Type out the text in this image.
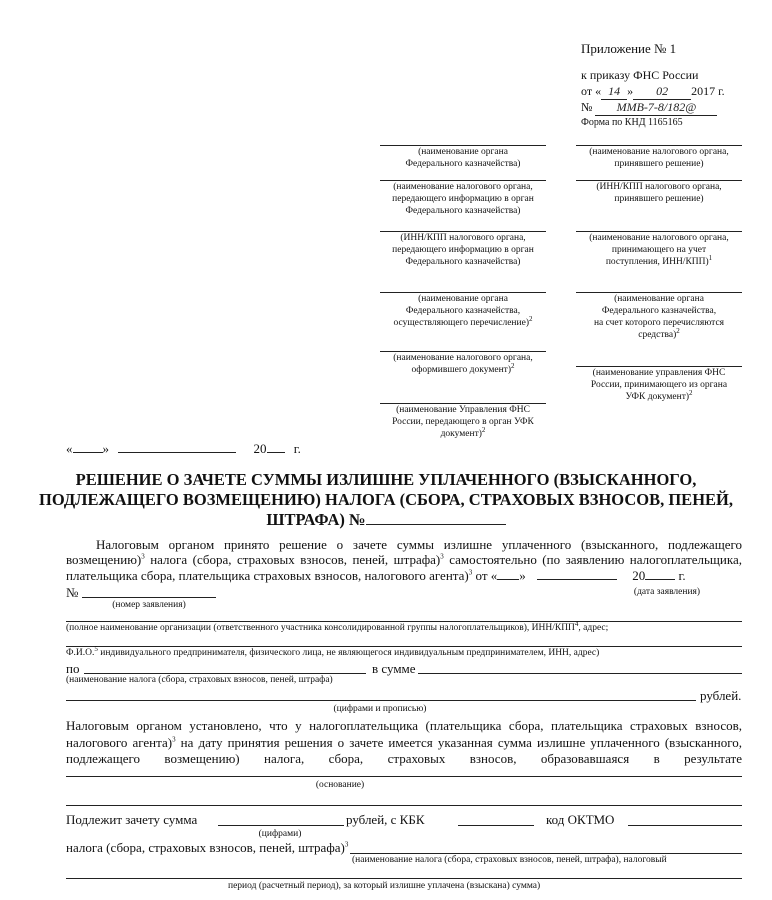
Приложение № 1
к приказу ФНС России
от « 14 » 02 2017 г.
№ ММВ-7-8/182@
Форма по КНД 1165165
(наименование органа
Федерального казначейства)
(наименование налогового органа,
передающего информацию в орган
Федерального казначейства)
(ИНН/КПП налогового органа,
передающего информацию в орган
Федерального казначейства)
(наименование органа
Федерального казначейства,
осуществляющего перечисление)$^2$
(наименование налогового органа,
оформившего документ)$^2$
(наименование Управления ФНС
России, передающего в орган УФК
документ)$^2$
(наименование налогового органа,
принявшего решение)
(ИНН/КПП налогового органа,
принявшего решение)
(наименование налогового органа,
принимающего на учет
поступления, ИНН/КПП)$^1$
(наименование органа
Федерального казначейства,
на счет которого перечисляются
средства)$^2$
(наименование управления ФНС
России, принимающего из органа
УФК документ)$^2$
« »	20 г.
РЕШЕНИЕ О ЗАЧЕТЕ СУММЫ ИЗЛИШНЕ УПЛАЧЕННОГО (ВЗЫСКАННОГО,
ПОДЛЕЖАЩЕГО ВОЗМЕЩЕНИЮ) НАЛОГА (СБОРА, СТРАХОВЫХ ВЗНОСОВ, ПЕНЕЙ,
ШТРАФА) №
Налоговым органом принято решение о зачете суммы излишне уплаченного (взысканного, подлежащего
возмещению)$^3$ налога (сбора, страховых взносов, пеней, штрафа)$^3$ самостоятельно (по заявлению налогоплательщика,
плательщика сбора, плательщика страховых взносов, налогового агента)$^3$ от « »	20	г.
№
(номер заявления)
(дата заявления)
(полное наименование организации (ответственного участника консолидированной группы налогоплательщиков), ИНН/КПП$^4$, адрес;
Ф.И.О.$^5$ индивидуального предпринимателя, физического лица, не являющегося индивидуальным предпринимателем, ИНН, адрес)
по	в сумме
(наименование налога (сбора, страховых взносов, пеней, штрафа)
рублей.
(цифрами и прописью)
Налоговым органом установлено, что у налогоплательщика (плательщика сбора, плательщика страховых взносов,
налогового агента)$^3$ на дату принятия решения о зачете имеется указанная сумма излишне уплаченного (взысканного,
подлежащего возмещению) налога, сбора, страховых взносов, образовавшаяся в результате
(основание)
Подлежит зачету сумма	рублей, с КБК	код ОКТМО
(цифрами)
налога (сбора, страховых взносов, пеней, штрафа)$^3$
(наименование налога (сбора, страховых взносов, пеней, штрафа), налоговый
период (расчетный период), за который излишне уплачена (взыскана) сумма)
